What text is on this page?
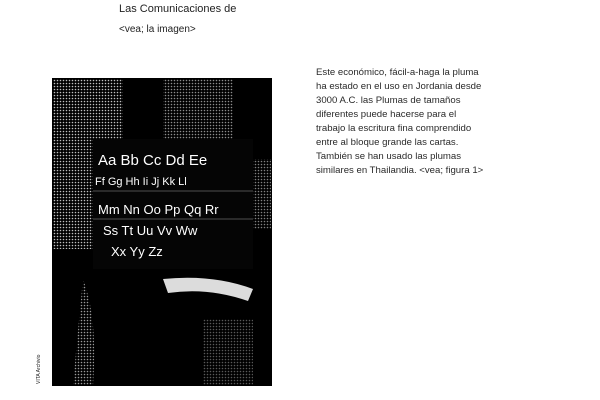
Las Comunicaciones de
<vea; la imagen>
Aa Bb Cc Dd Ee
Ff Gg Hh Ii Jj Kk Ll
Mm Nn Oo Pp Qq Rr
Ss Tt Uu Vv Ww
Xx Yy Zz
VITA Archivio
Este económico, fácil-a-haga la pluma ha estado en el uso en Jordania desde 3000 A.C. las Plumas de tamaños diferentes puede hacerse para el trabajo la escritura fina comprendido entre al bloque grande las cartas. También se han usado las plumas similares en Thailandia. <vea; figura 1>
